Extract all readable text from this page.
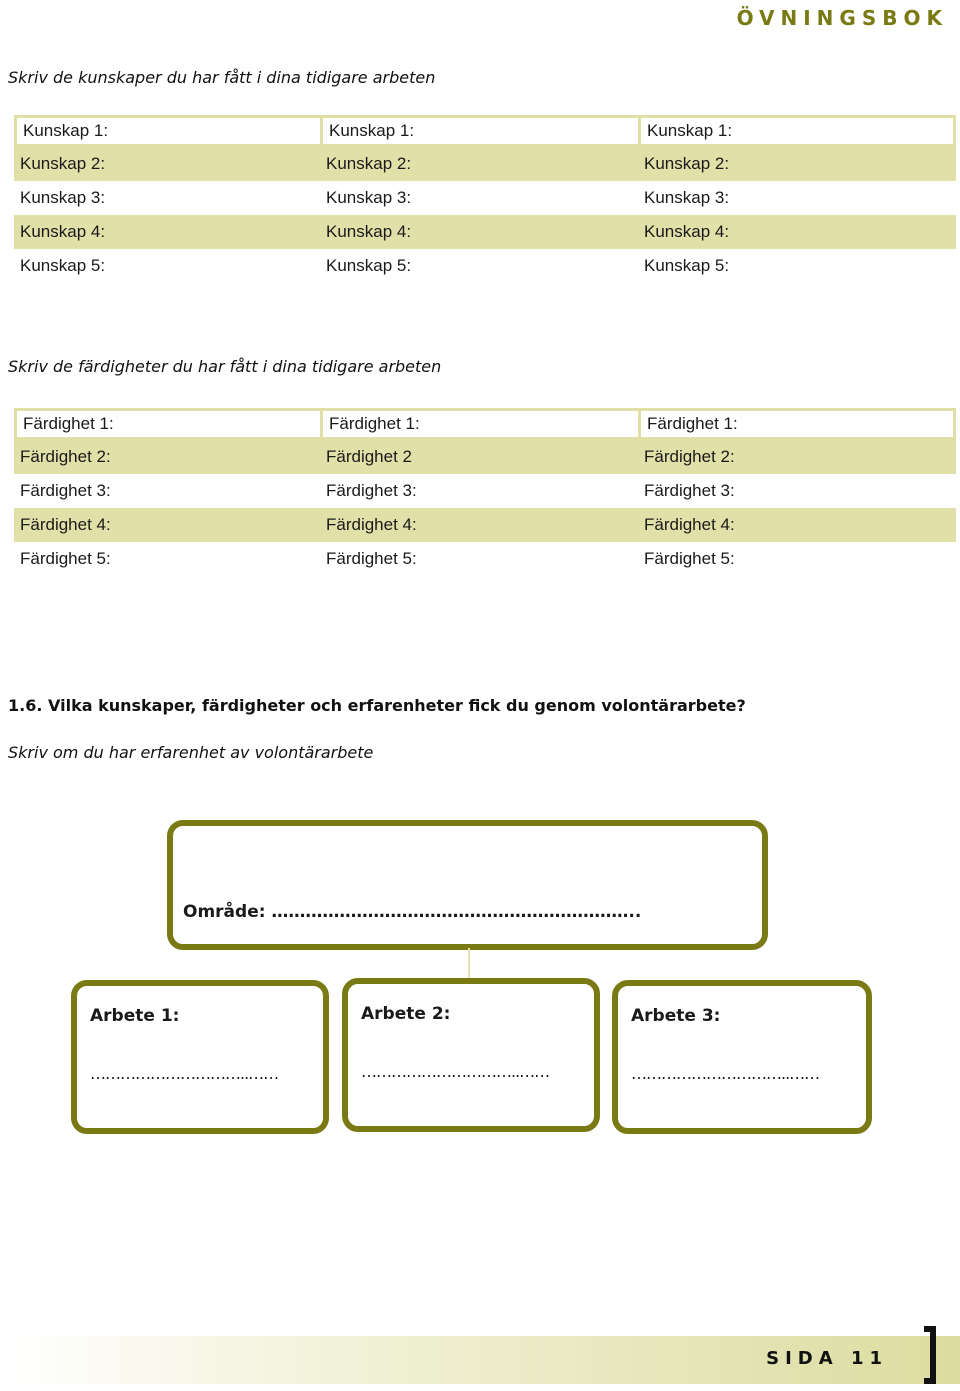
ÖVNINGSBOK
Skriv de kunskaper du har fått i dina tidigare arbeten
Kunskap 1:	Kunskap 1:	Kunskap 1:
Kunskap 2:	Kunskap 2:	Kunskap 2:
Kunskap 3:	Kunskap 3:	Kunskap 3:
Kunskap 4:	Kunskap 4:	Kunskap 4:
Kunskap 5:	Kunskap 5:	Kunskap 5:
Skriv de färdigheter du har fått i dina tidigare arbeten
Färdighet 1:	Färdighet 1:	Färdighet 1:
Färdighet 2:	Färdighet 2	Färdighet 2:
Färdighet 3:	Färdighet 3:	Färdighet 3:
Färdighet 4:	Färdighet 4:	Färdighet 4:
Färdighet 5:	Färdighet 5:	Färdighet 5:
1.6. Vilka kunskaper, färdigheter och erfarenheter fick du genom volontärarbete?
Skriv om du har erfarenhet av volontärarbete
Område: ………………………………………………………..
Arbete 1:
…………………………..……
Arbete 2:
…………………………..……
Arbete 3:
…………………………..……
SIDA 11
